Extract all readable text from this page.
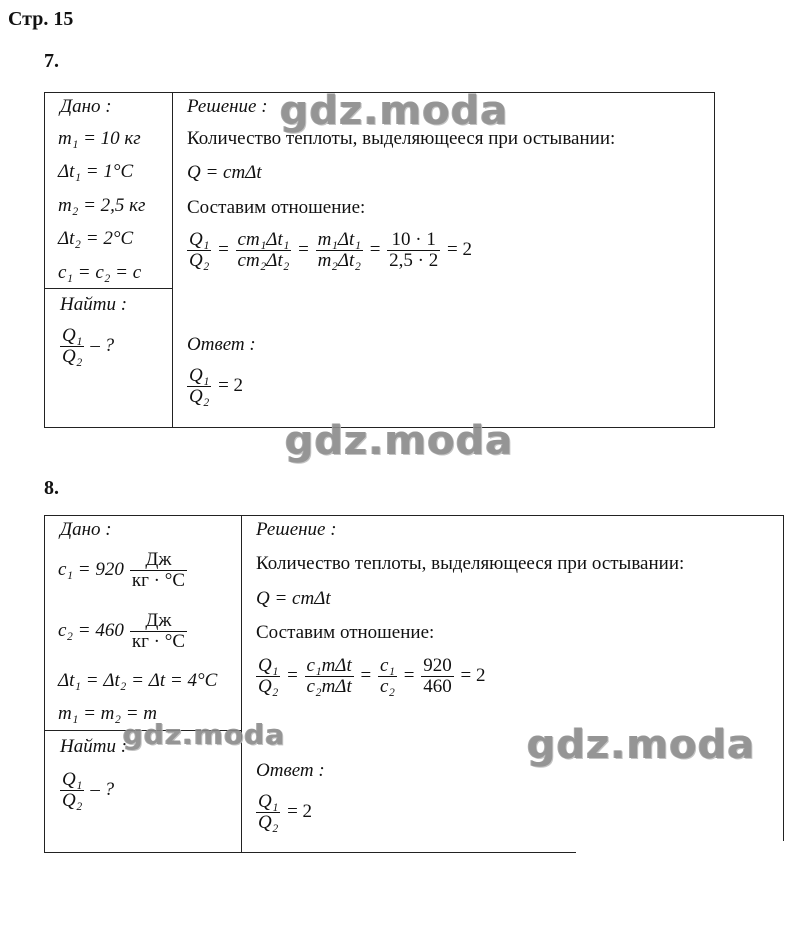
Стр. 15
7.
Дано :
m₁ = 10 кг
Δt₁ = 1°C
m₂ = 2,5 кг
Δt₂ = 2°C
c₁ = c₂ = c
Найти :
$\frac{\text{Q₁}}{\text{Q₂}}$ – ?
Решение :
Количество теплоты, выделяющееся при остывании:
Q = cmΔt
Составим отношение:
$\frac{\text{Q₁}}{\text{Q₂}} = \frac{\text{cm₁Δt₁}}{\text{cm₂Δt₂}} = \frac{\text{m₁Δt₁}}{\text{m₂Δt₂}} = \frac{10 \cdot 1}{2,5 \cdot 2} = 2$
Ответ :
$\frac{\text{Q₁}}{\text{Q₂}} = 2$
gdz.moda
gdz.moda
8.
Дано :
$c_1 = 920 \frac{Дж}{кг \cdot ^\circ C}$
$c_2 = 460 \frac{Дж}{кг \cdot ^\circ C}$
Δt₁ = Δt₂ = Δt = 4°C
m₁ = m₂ = m
Найти :
$\frac{\text{Q₁}}{\text{Q₂}}$ – ?
Решение :
Количество теплоты, выделяющееся при остывании:
Q = cmΔt
Составим отношение:
$\frac{\text{Q₁}}{\text{Q₂}} = \frac{\text{c₁mΔt}}{\text{c₂mΔt}} = \frac{\text{c₁}}{\text{c₂}} = \frac{920}{460} = 2$
Ответ :
$\frac{\text{Q₁}}{\text{Q₂}} = 2$
gdz.moda	gdz.moda
